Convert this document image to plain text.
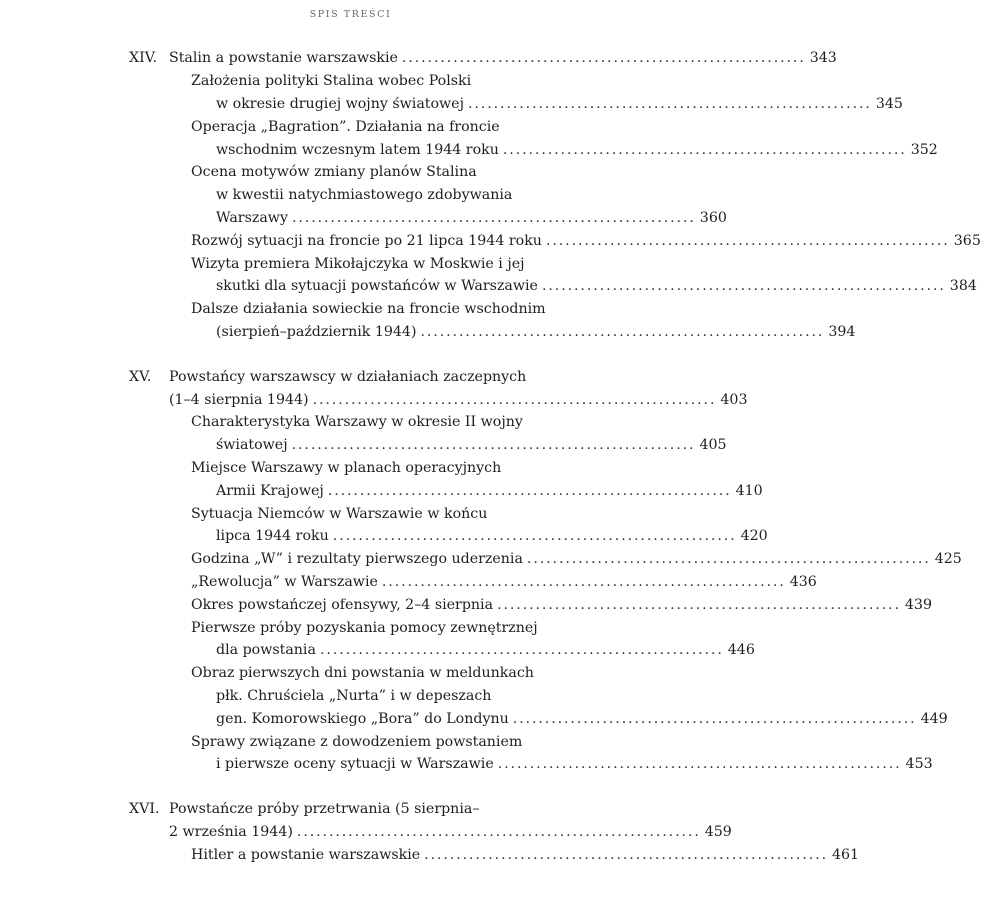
SPIS TREŚCI
XIV. Stalin a powstanie warszawskie ............................................................... 343
Założenia polityki Stalina wobec Polski
w okresie drugiej wojny światowej ............................................................... 345
Operacja „Bagration”. Działania na froncie
wschodnim wczesnym latem 1944 roku ............................................................... 352
Ocena motywów zmiany planów Stalina
w kwestii natychmiastowego zdobywania
Warszawy ............................................................... 360
Rozwój sytuacji na froncie po 21 lipca 1944 roku ............................................................... 365
Wizyta premiera Mikołajczyka w Moskwie i jej
skutki dla sytuacji powstańców w Warszawie ............................................................... 384
Dalsze działania sowieckie na froncie wschodnim
(sierpień–październik 1944) ............................................................... 394
XV. Powstańcy warszawscy w działaniach zaczepnych
(1–4 sierpnia 1944) ............................................................... 403
Charakterystyka Warszawy w okresie II wojny
światowej ............................................................... 405
Miejsce Warszawy w planach operacyjnych
Armii Krajowej ............................................................... 410
Sytuacja Niemców w Warszawie w końcu
lipca 1944 roku ............................................................... 420
Godzina „W” i rezultaty pierwszego uderzenia ............................................................... 425
„Rewolucja” w Warszawie ............................................................... 436
Okres powstańczej ofensywy, 2–4 sierpnia ............................................................... 439
Pierwsze próby pozyskania pomocy zewnętrznej
dla powstania ............................................................... 446
Obraz pierwszych dni powstania w meldunkach
płk. Chruściela „Nurta” i w depeszach
gen. Komorowskiego „Bora” do Londynu ............................................................... 449
Sprawy związane z dowodzeniem powstaniem
i pierwsze oceny sytuacji w Warszawie ............................................................... 453
XVI. Powstańcze próby przetrwania (5 sierpnia–
2 września 1944) ............................................................... 459
Hitler a powstanie warszawskie ............................................................... 461
